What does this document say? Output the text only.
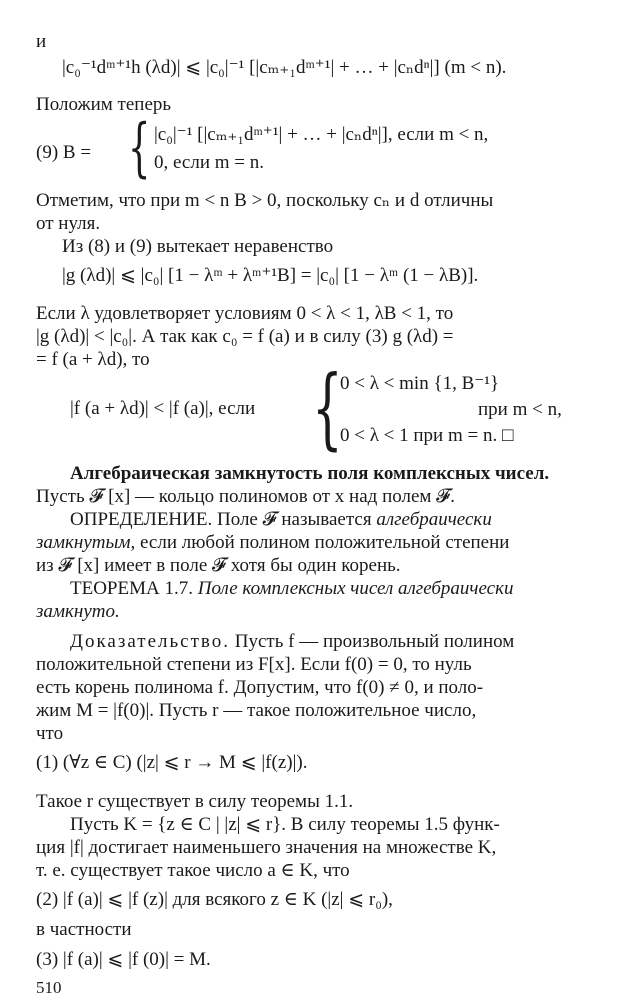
и
|c₀⁻¹dᵐ⁺¹h (λd)| ⩽ |c₀|⁻¹ [|cₘ₊₁dᵐ⁺¹| + … + |cₙdⁿ|] (m < n).
Положим теперь
(9) B = { |c₀|⁻¹ [|cₘ₊₁dᵐ⁺¹| + … + |cₙdⁿ|], если m < n,
0, если m = n.
Отметим, что при m < n B > 0, поскольку cₙ и d отличны
от нуля.
Из (8) и (9) вытекает неравенство
|g (λd)| ⩽ |c₀| [1 − λᵐ + λᵐ⁺¹B] = |c₀| [1 − λᵐ (1 − λB)].
Если λ удовлетворяет условиям 0 < λ < 1, λB < 1, то
|g (λd)| < |c₀|. А так как c₀ = f (a) и в силу (3) g (λd) =
= f (a + λd), то
|f (a + λd)| < |f (a)|, если {
0 < λ < min {1, B⁻¹}
при m < n,
0 < λ < 1 при m = n. □
Алгебраическая замкнутость поля комплексных чисел.
Пусть 𝓕 [x] — кольцо полиномов от x над полем 𝓕.
ОПРЕДЕЛЕНИЕ. Поле 𝓕 называется алгебраически
замкнутым, если любой полином положительной степени
из 𝓕 [x] имеет в поле 𝓕 хотя бы один корень.
ТЕОРЕМА 1.7. Поле комплексных чисел алгебраически
замкнуто.
Доказательство. Пусть f — произвольный полином
положительной степени из F[x]. Если f(0) = 0, то нуль
есть корень полинома f. Допустим, что f(0) ≠ 0, и поло-
жим M = |f(0)|. Пусть r — такое положительное число,
что
(1) (∀z ∈ C) (|z| ⩽ r → M ⩽ |f(z)|).
Такое r существует в силу теоремы 1.1.
Пусть K = {z ∈ C | |z| ⩽ r}. В силу теоремы 1.5 функ-
ция |f| достигает наименьшего значения на множестве K,
т. е. существует такое число a ∈ K, что
(2) |f (a)| ⩽ |f (z)| для всякого z ∈ K (|z| ⩽ r₀),
в частности
(3) |f (a)| ⩽ |f (0)| = M.
510
